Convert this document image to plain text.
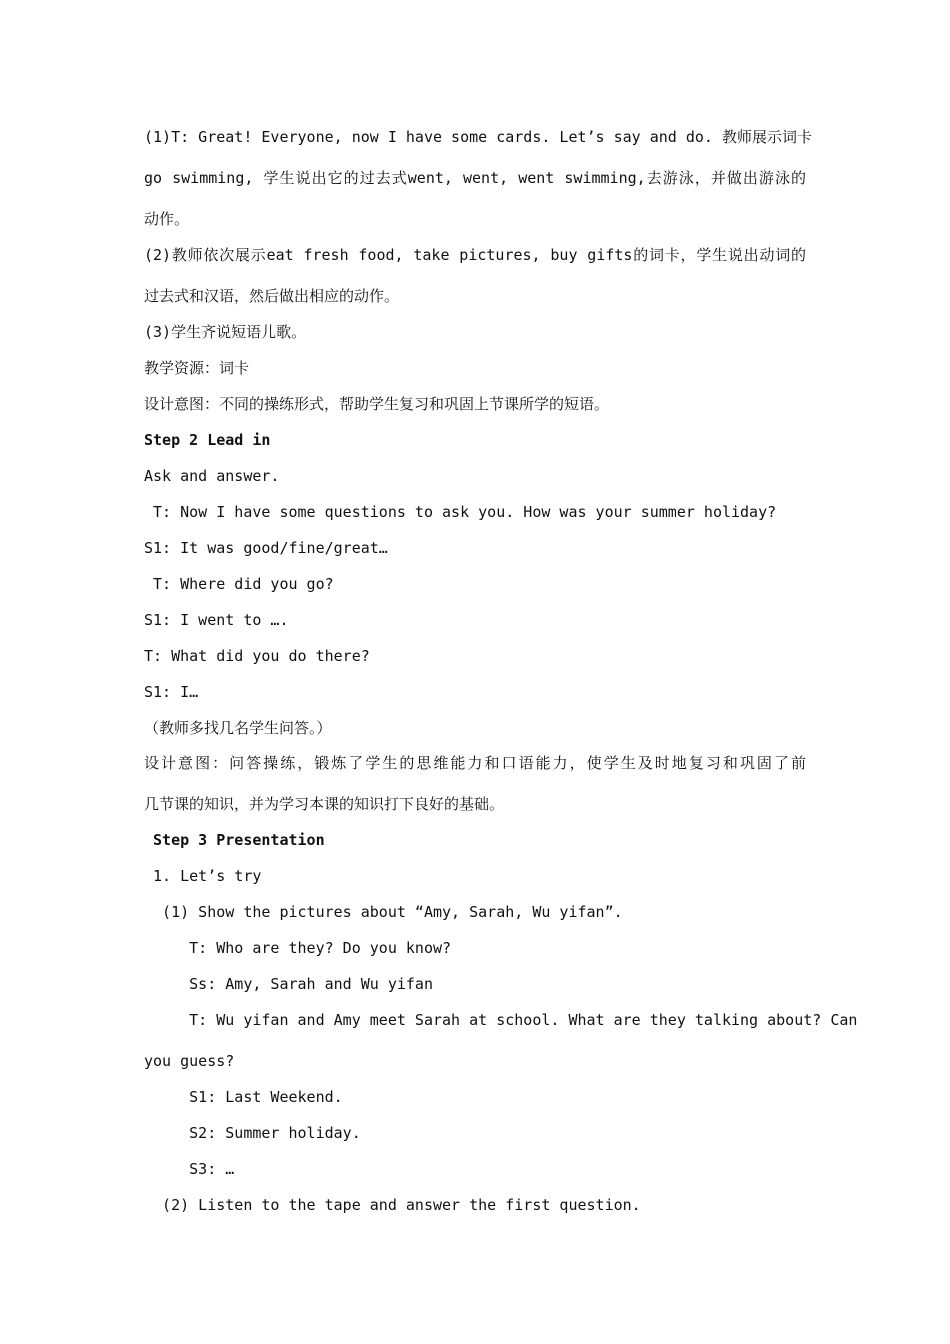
(1)T: Great! Everyone, now I have some cards. Let’s say and do. 教师展示词卡
go swimming, 学生说出它的过去式went, went, went swimming,去游泳，并做出游泳的
动作。
(2)教师依次展示eat fresh food, take pictures, buy gifts的词卡，学生说出动词的
过去式和汉语，然后做出相应的动作。
(3)学生齐说短语儿歌。
教学资源：词卡
设计意图：不同的操练形式，帮助学生复习和巩固上节课所学的短语。
Step 2 Lead in
Ask and answer.
T: Now I have some questions to ask you. How was your summer holiday?
S1: It was good/fine/great…
T: Where did you go?
S1: I went to ….
T: What did you do there?
S1: I…
（教师多找几名学生问答。）
设计意图：问答操练，锻炼了学生的思维能力和口语能力，使学生及时地复习和巩固了前
几节课的知识，并为学习本课的知识打下良好的基础。
Step 3 Presentation
1. Let’s try
(1) Show the pictures about “Amy, Sarah, Wu yifan”.
T: Who are they? Do you know?
Ss: Amy, Sarah and Wu yifan
T: Wu yifan and Amy meet Sarah at school. What are they talking about? Can
you guess?
S1: Last Weekend.
S2: Summer holiday.
S3: …
(2) Listen to the tape and answer the first question.
